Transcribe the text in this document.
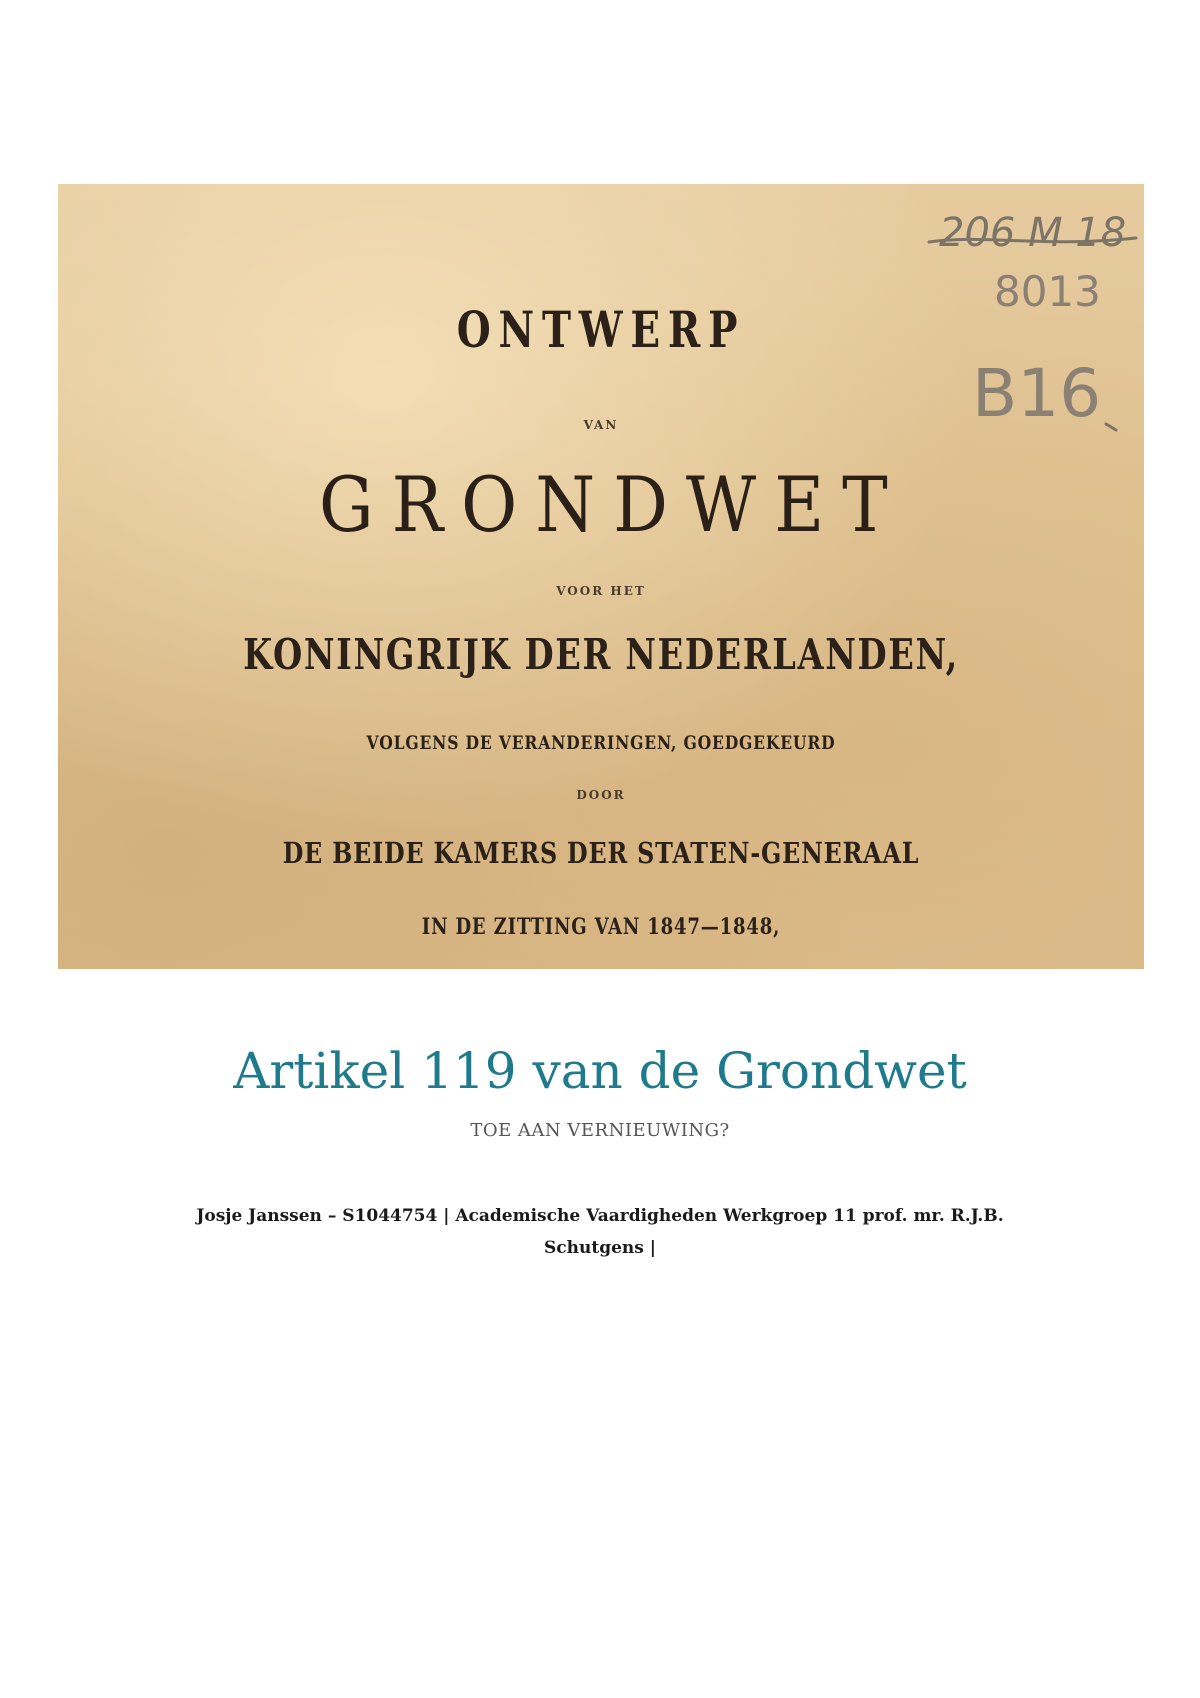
ONTWERP
VAN
GRONDWET
VOOR HET
KONINGRIJK DER NEDERLANDEN,
VOLGENS DE VERANDERINGEN, GOEDGEKEURD
DOOR
DE BEIDE KAMERS DER STATEN-GENERAAL
IN DE ZITTING VAN 1847—1848,
206 M 18
8013
B16
Artikel 119 van de Grondwet
TOE AAN VERNIEUWING?
Josje Janssen – S1044754 | Academische Vaardigheden Werkgroep 11 prof. mr. R.J.B. Schutgens |
